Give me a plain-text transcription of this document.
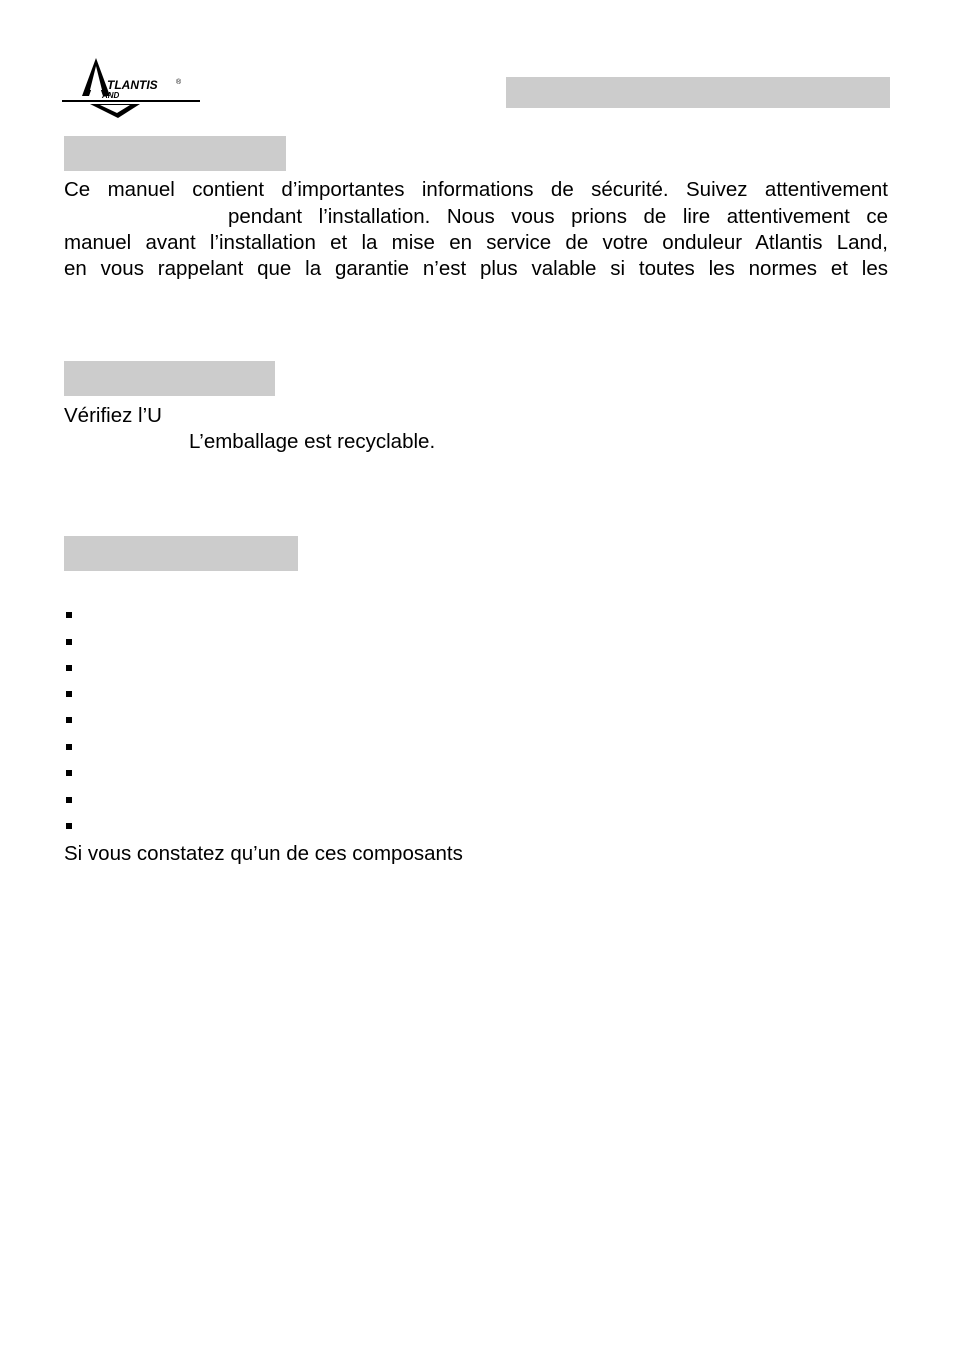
TLANTIS
AND
®
Ce manuel contient d’importantes informations de sécurité. Suivez attentivement
pendant l’installation. Nous vous prions de lire attentivement ce
manuel avant l’installation et la mise en service de votre onduleur Atlantis Land,
en vous rappelant que la garantie n’est plus valable si toutes les normes et les
Vérifiez l’U
L’emballage est recyclable.
Si vous constatez qu’un de ces composants
